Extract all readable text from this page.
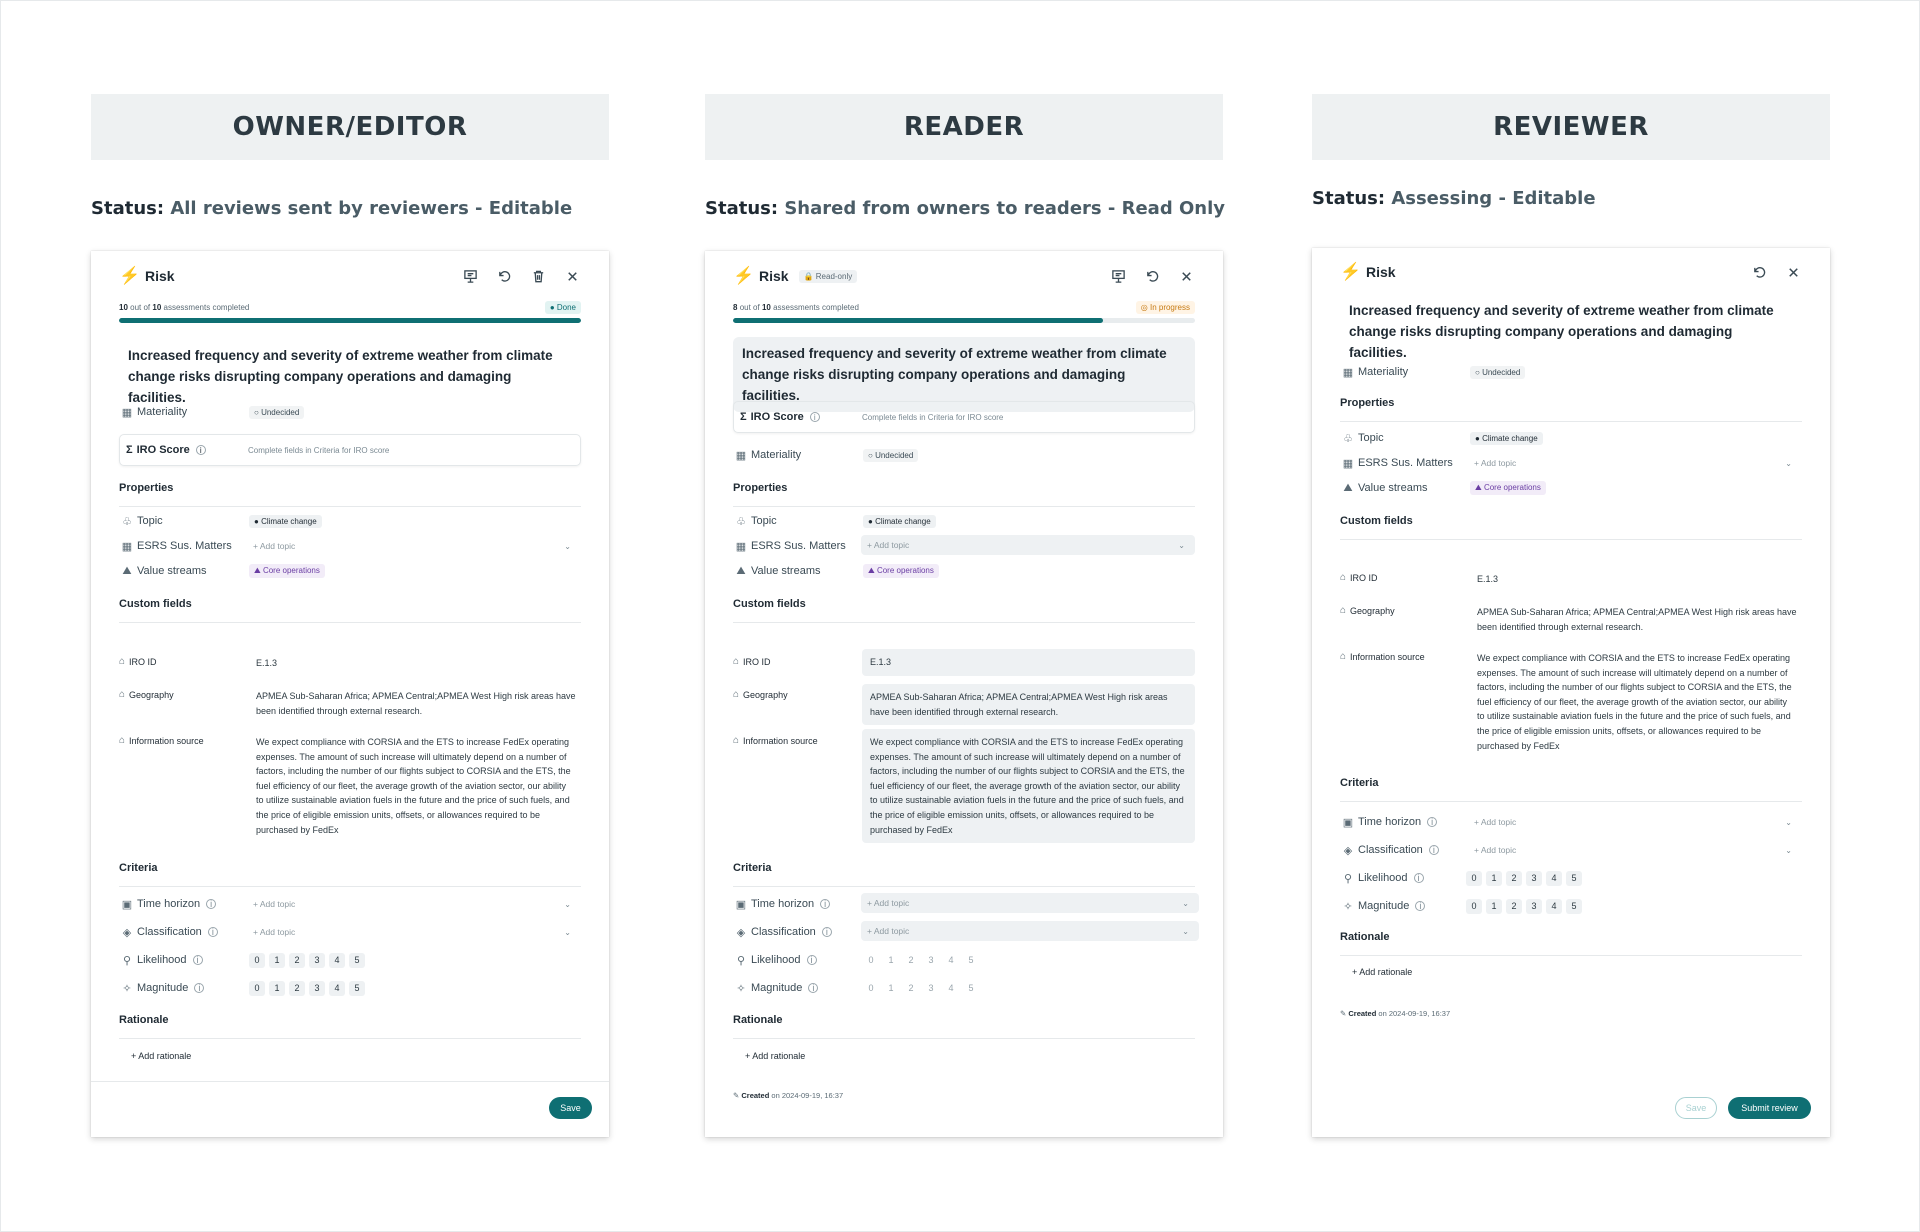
OWNER/EDITOR	READER	REVIEWER
Status: All reviews sent by reviewers - Editable	Status: Shared from owners to readers - Read Only	Status: Assessing - Editable
⚡ Risk
10 out of 10 assessments completed	● Done
Increased frequency and severity of extreme weather from climate change risks disrupting company operations and damaging facilities.
▦ Materiality	○ Undecided
Σ IRO Score	i	Complete fields in Criteria for IRO score
Properties
♧ Topic	● Climate change
▦ ESRS Sus. Matters + Add topic	⌄
⛰ Value streams	⛰ Core operations
Custom fields
⌂ IRO ID	E.1.3
⌂ Geography	APMEA Sub-Saharan Africa; APMEA Central;APMEA West High risk areas have been identified through external research.
⌂ Information source	We expect compliance with CORSIA and the ETS to increase FedEx operating expenses. The amount of such increase will ultimately depend on a number of factors, including the number of our flights subject to CORSIA and the ETS, the fuel efficiency of our fleet, the average growth of the aviation sector, our ability to utilize sustainable aviation fuels in the future and the price of such fuels, and the price of eligible emission units, offsets, or allowances required to be purchased by FedEx
Criteria
▣ Time horizon	i	+ Add topic	⌄
◈ Classification	i	+ Add topic	⌄
⚲ Likelihood	i	0	1	2	3	4	5
✧ Magnitude	i	0	1	2	3	4	5
Rationale
+ Add rationale
Save
⚡ Risk	🔒 Read-only
8 out of 10 assessments completed	◎ In progress
Increased frequency and severity of extreme weather from climate change risks disrupting company operations and damaging facilities.
Σ IRO Score	i	Complete fields in Criteria for IRO score
▦ Materiality	○ Undecided
Properties
♧ Topic	● Climate change
▦ ESRS Sus. Matters + Add topic	⌄
⛰ Value streams	⛰ Core operations
Custom fields
⌂ IRO ID	E.1.3
⌂ Geography	APMEA Sub-Saharan Africa; APMEA Central;APMEA West High risk areas have been identified through external research.
⌂ Information source	We expect compliance with CORSIA and the ETS to increase FedEx operating expenses. The amount of such increase will ultimately depend on a number of factors, including the number of our flights subject to CORSIA and the ETS, the fuel efficiency of our fleet, the average growth of the aviation sector, our ability to utilize sustainable aviation fuels in the future and the price of such fuels, and the price of eligible emission units, offsets, or allowances required to be purchased by FedEx
Criteria
▣ Time horizon	i	+ Add topic	⌄
◈ Classification	i	+ Add topic	⌄
⚲ Likelihood	i	0	1	2	3	4	5
✧ Magnitude	i	0	1	2	3	4	5
Rationale
+ Add rationale
✎ Created on 2024-09-19, 16:37
⚡ Risk
Increased frequency and severity of extreme weather from climate change risks disrupting company operations and damaging facilities.
▦ Materiality	○ Undecided
Properties
♧ Topic	● Climate change
▦ ESRS Sus. Matters + Add topic	⌄
⛰ Value streams	⛰ Core operations
Custom fields
⌂ IRO ID	E.1.3
⌂ Geography	APMEA Sub-Saharan Africa; APMEA Central;APMEA West High risk areas have been identified through external research.
⌂ Information source	We expect compliance with CORSIA and the ETS to increase FedEx operating expenses. The amount of such increase will ultimately depend on a number of factors, including the number of our flights subject to CORSIA and the ETS, the fuel efficiency of our fleet, the average growth of the aviation sector, our ability to utilize sustainable aviation fuels in the future and the price of such fuels, and the price of eligible emission units, offsets, or allowances required to be purchased by FedEx
Criteria
▣ Time horizon	i	+ Add topic	⌄
◈ Classification	i	+ Add topic	⌄
⚲ Likelihood	i	0	1	2	3	4	5
✧ Magnitude	i	0	1	2	3	4	5
Rationale
+ Add rationale
✎ Created on 2024-09-19, 16:37
Save	Submit review
